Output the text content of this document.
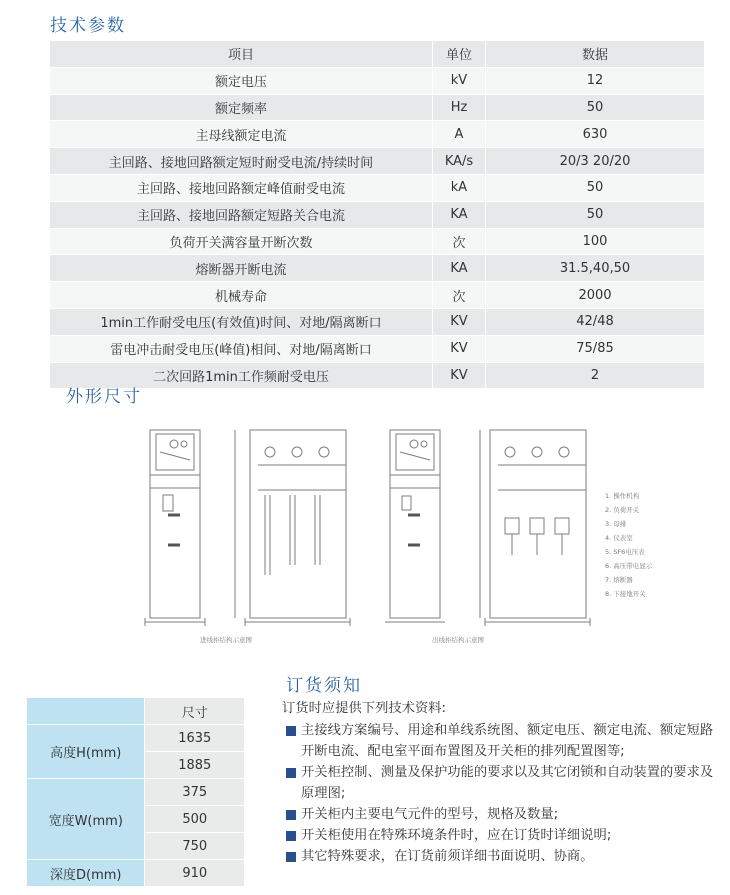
技术参数
项目	单位	数据
额定电压	kV	12
额定频率	Hz	50
主母线额定电流	A	630
主回路、接地回路额定短时耐受电流/持续时间	KA/s	20/3 20/20
主回路、接地回路额定峰值耐受电流	kA	50
主回路、接地回路额定短路关合电流	KA	50
负荷开关满容量开断次数	次	100
熔断器开断电流	KA	31.5,40,50
机械寿命	次	2000
1min工作耐受电压(有效值)时间、对地/隔离断口	KV	42/48
雷电冲击耐受电压(峰值)相间、对地/隔离断口	KV	75/85
二次回路1min工作频耐受电压	KV	2
外形尺寸
1. 操作机构
2. 负荷开关
3. 母排
4. 仪表室
5. SF6电压表
6. 高压带电显示
7. 熔断器
8. 下接地开关
进线柜结构示意图	出线柜结构示意图
	尺寸
高度H(mm)	1635
	1885
宽度W(mm)	375
	500
	750
深度D(mm)	910
订货须知
订货时应提供下列技术资料:
主接线方案编号、用途和单线系统图、额定电压、额定电流、额定短路开断电流、配电室平面布置图及开关柜的排列配置图等;
开关柜控制、测量及保护功能的要求以及其它闭锁和自动装置的要求及原理图;
开关柜内主要电气元件的型号，规格及数量;
开关柜使用在特殊环境条件时，应在订货时详细说明;
其它特殊要求，在订货前须详细书面说明、协商。
